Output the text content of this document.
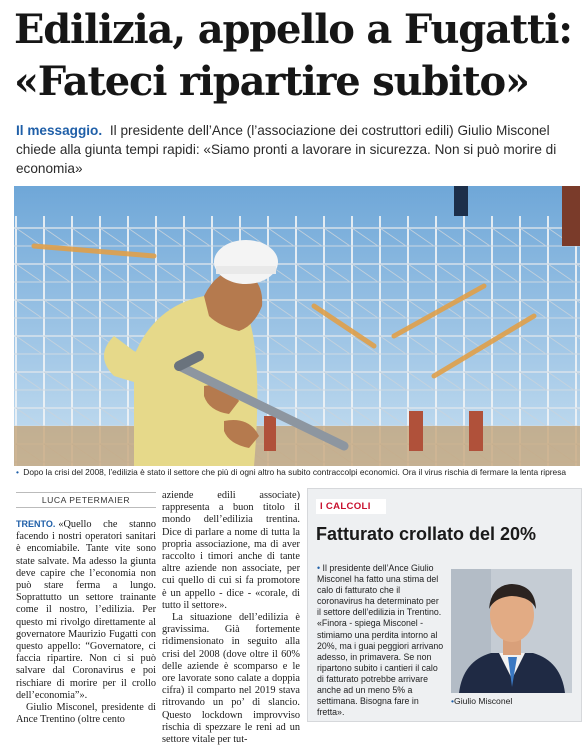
Edilizia, appello a Fugatti:
«Fateci ripartire subito»

Il messaggio. Il presidente dell’Ance (l’associazione dei costruttori edili) Giulio Misconel chiede alla giunta tempi rapidi: «Siamo pronti a lavorare in sicurezza. Non si può morire di economia»

• Dopo la crisi del 2008, l’edilizia è stato il settore che più di ogni altro ha subito contraccolpi economici. Ora il virus rischia di fermare la lenta ripresa
LUCA PETERMAIER

TRENTO. «Quello che stanno facendo i nostri operatori sanitari è encomiabile. Tante vite sono state salvate. Ma adesso la giunta deve capire che l’economia non può stare ferma a lungo. Soprattutto un settore trainante come il nostro, l’edilizia. Per questo mi rivolgo direttamente al governatore Maurizio Fugatti con questo appello: “Governatore, ci faccia ripartire. Non ci si può salvare dal Coronavirus e poi rischiare di morire per il crollo dell’economia”».

Giulio Misconel, presidente di Ance Trentino (oltre cento

aziende edili associate) rappresenta a buon titolo il mondo dell’edilizia trentina. Dice di parlare a nome di tutta la propria associazione, ma di aver raccolto i timori anche di tante altre aziende non associate, per cui quello di cui si fa promotore è un appello - dice - «corale, di tutto il settore».

La situazione dell’edilizia è gravissima. Già fortemente ridimensionato in seguito alla crisi del 2008 (dove oltre il 60% delle aziende è scomparso e le ore lavorate sono calate a doppia cifra) il comparto nel 2019 stava ritrovando un po’ di slancio. Questo lockdown improvviso rischia di spezzare le reni ad un settore vitale per tut-

I CALCOLI
Fatturato crollato del 20%
• Il presidente dell’Ance Giulio Misconel ha fatto una stima del calo di fatturato che il coronavirus ha determinato per il settore dell’edilizia in Trentino. «Finora - spiega Misconel - stimiamo una perdita intorno al 20%, ma i guai peggiori arrivano adesso, in primavera. Se non ripartono subito i cantieri il calo di fatturato potrebbe arrivare anche ad un meno 5% a settimana. Bisogna fare in fretta».
•Giulio Misconel
